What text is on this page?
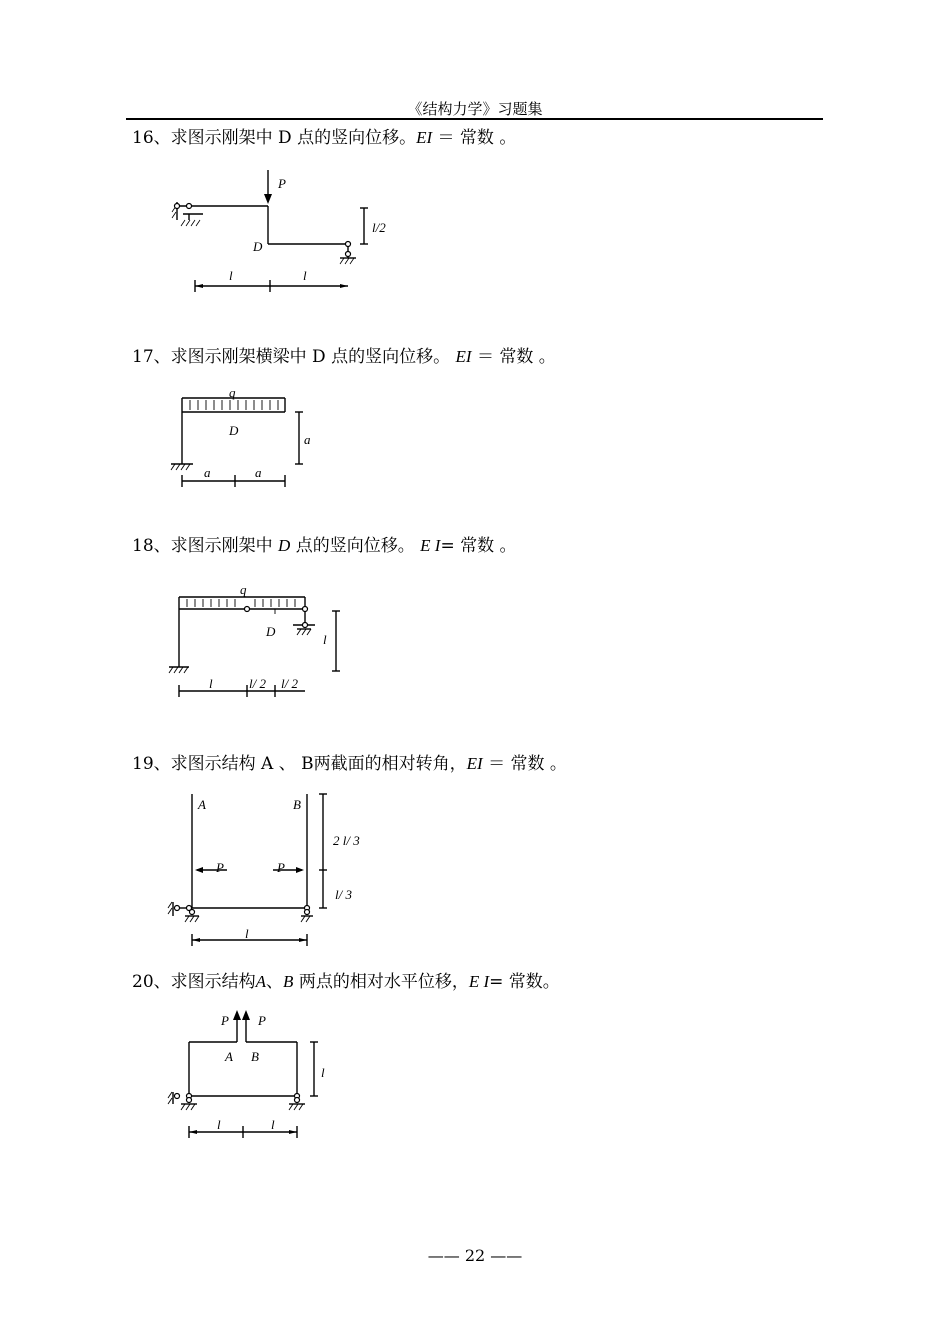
《结构力学》习题集
16、求图示刚架中 D 点的竖向位移。EI ＝ 常数 。
P
D
l/2
l	l
17、求图示刚架横梁中 D 点的竖向位移。 EI ＝ 常数 。
q
D
a
a	a
18、求图示刚架中 D 点的竖向位移。 E I= 常数 。
q
D
l
l	l/ 2 l/ 2
19、求图示结构 A 、 B两截面的相对转角，EI ＝ 常数 。
A	B
P	P
2 l/ 3
l/ 3
l
20、求图示结构A、B 两点的相对水平位移，E I= 常数。
P P
A B
l
l	l
—— 22 ——
